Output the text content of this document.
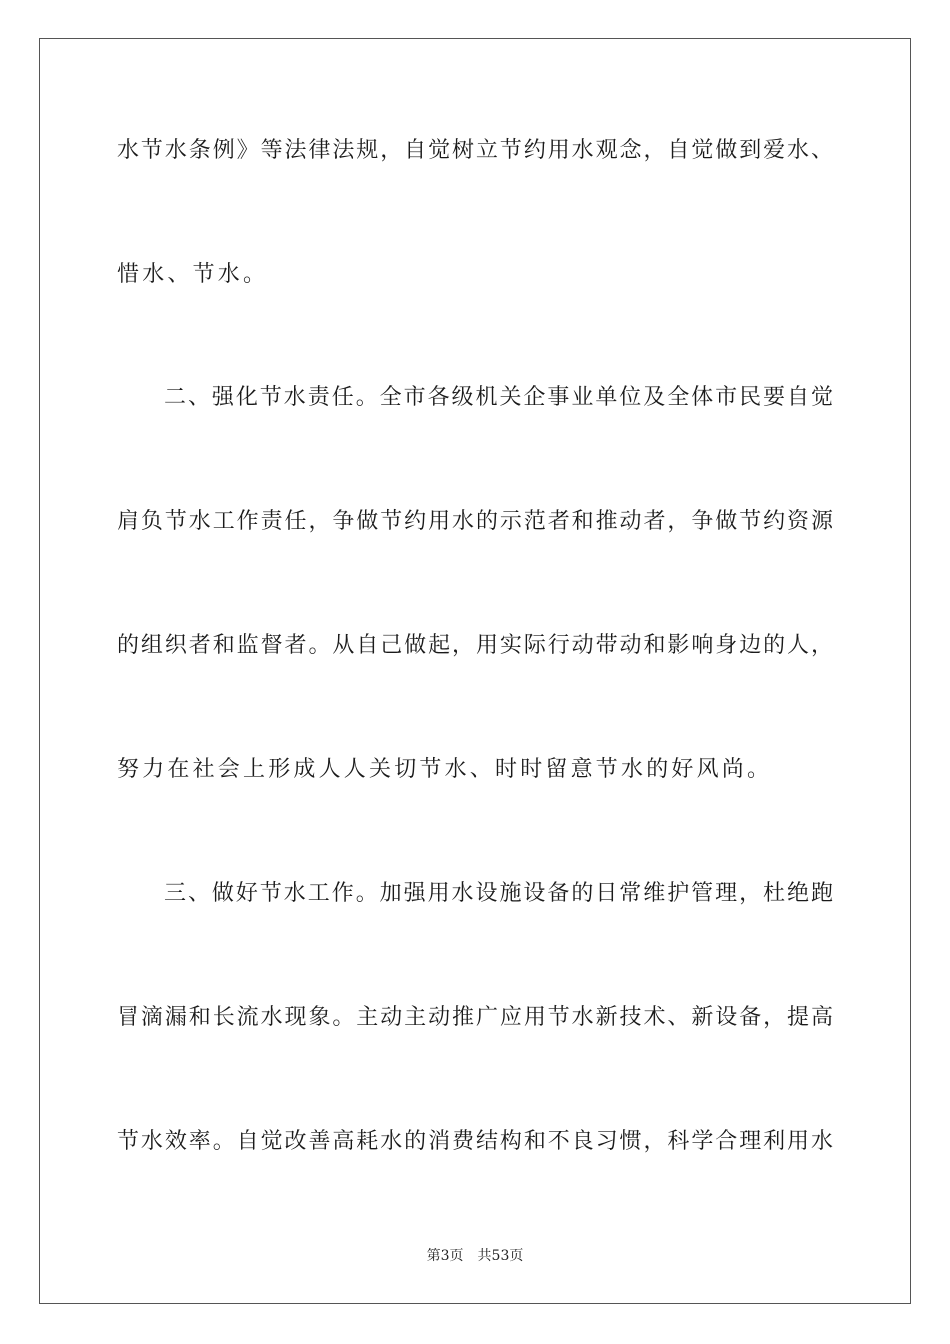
水节水条例》等法律法规，自觉树立节约用水观念，自觉做到爱水、
惜水、节水。
二、强化节水责任。全市各级机关企事业单位及全体市民要自觉
肩负节水工作责任，争做节约用水的示范者和推动者，争做节约资源
的组织者和监督者。从自己做起，用实际行动带动和影响身边的人，
努力在社会上形成人人关切节水、时时留意节水的好风尚。
三、做好节水工作。加强用水设施设备的日常维护管理，杜绝跑
冒滴漏和长流水现象。主动主动推广应用节水新技术、新设备，提高
节水效率。自觉改善高耗水的消费结构和不良习惯，科学合理利用水
第3页 共53页
